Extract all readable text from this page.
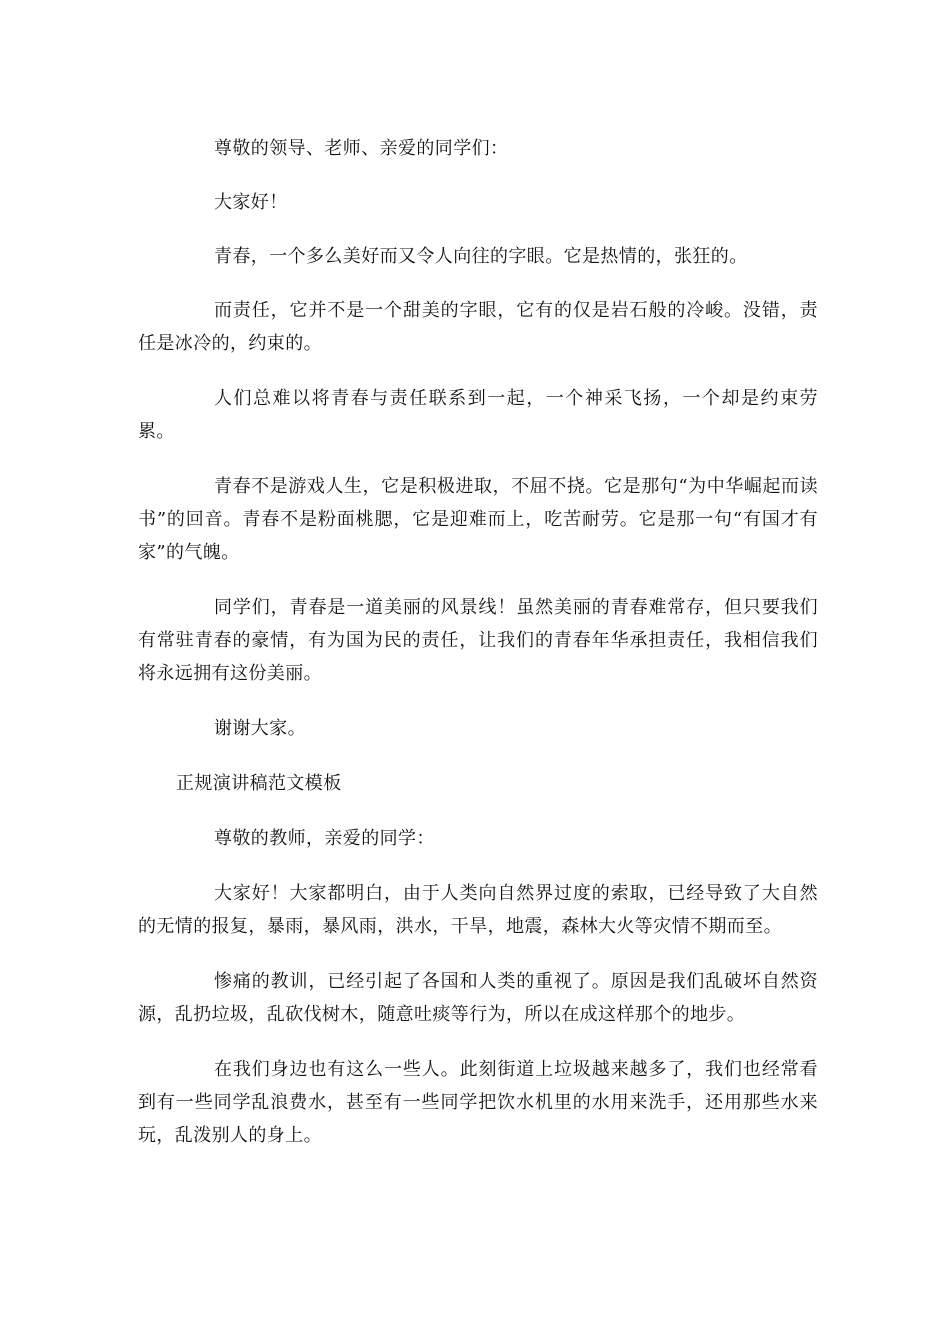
尊敬的领导、老师、亲爱的同学们：

大家好！

青春，一个多么美好而又令人向往的字眼。它是热情的，张狂的。

而责任，它并不是一个甜美的字眼，它有的仅是岩石般的冷峻。没错，责任是冰冷的，约束的。

人们总难以将青春与责任联系到一起，一个神采飞扬，一个却是约束劳累。

青春不是游戏人生，它是积极进取，不屈不挠。它是那句“为中华崛起而读书”的回音。青春不是粉面桃腮，它是迎难而上，吃苦耐劳。它是那一句“有国才有家”的气魄。

同学们，青春是一道美丽的风景线！虽然美丽的青春难常存，但只要我们有常驻青春的豪情，有为国为民的责任，让我们的青春年华承担责任，我相信我们将永远拥有这份美丽。

谢谢大家。

正规演讲稿范文模板

尊敬的教师，亲爱的同学：

大家好！大家都明白，由于人类向自然界过度的索取，已经导致了大自然的无情的报复，暴雨，暴风雨，洪水，干旱，地震，森林大火等灾情不期而至。

惨痛的教训，已经引起了各国和人类的重视了。原因是我们乱破坏自然资源，乱扔垃圾，乱砍伐树木，随意吐痰等行为，所以在成这样那个的地步。

在我们身边也有这么一些人。此刻街道上垃圾越来越多了，我们也经常看到有一些同学乱浪费水，甚至有一些同学把饮水机里的水用来洗手，还用那些水来玩，乱泼别人的身上。
